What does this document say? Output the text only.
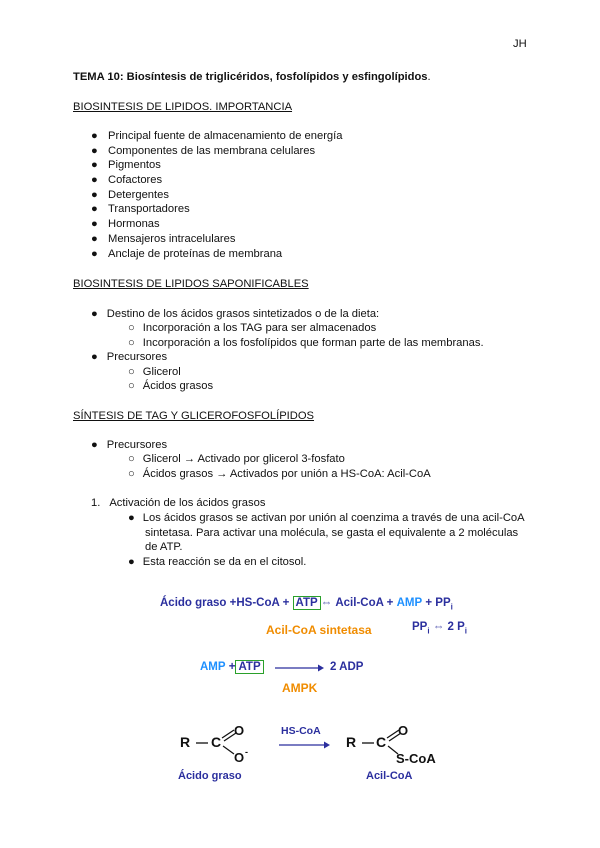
JH
TEMA 10: Biosíntesis de triglicéridos, fosfolípidos y esfingolípidos.
BIOSINTESIS DE LIPIDOS. IMPORTANCIA
● Principal fuente de almacenamiento de energía
● Componentes de las membrana celulares
● Pigmentos
● Cofactores
● Detergentes
● Transportadores
● Hormonas
● Mensajeros intracelulares
● Anclaje de proteínas de membrana
BIOSINTESIS DE LIPIDOS SAPONIFICABLES
● Destino de los ácidos grasos sintetizados o de la dieta:
○ Incorporación a los TAG para ser almacenados
○ Incorporación a los fosfolípidos que forman parte de las membranas.
● Precursores
○ Glicerol
○ Ácidos grasos
SÍNTESIS DE TAG Y GLICEROFOSFOLÍPIDOS
● Precursores
○ Glicerol → Activado por glicerol 3-fosfato
○ Ácidos grasos → Activados por unión a HS-CoA: Acil-CoA
1. Activación de los ácidos grasos
● Los ácidos grasos se activan por unión al coenzima a través de una acil-CoA
sintetasa. Para activar una molécula, se gasta el equivalente a 2 moléculas
de ATP.
● Esta reacción se da en el citosol.
Ácido graso +HS-CoA + ATP ⇔ Acil-CoA + AMP + $PP_i$
Acil-CoA sintetasa	$PP_i$ ⇔ 2 $P_i$
AMP + ATP	2 ADP
AMPK
R C
O
O -
Ácido graso
HS-CoA
R C
O
S-CoA
Acil-CoA
